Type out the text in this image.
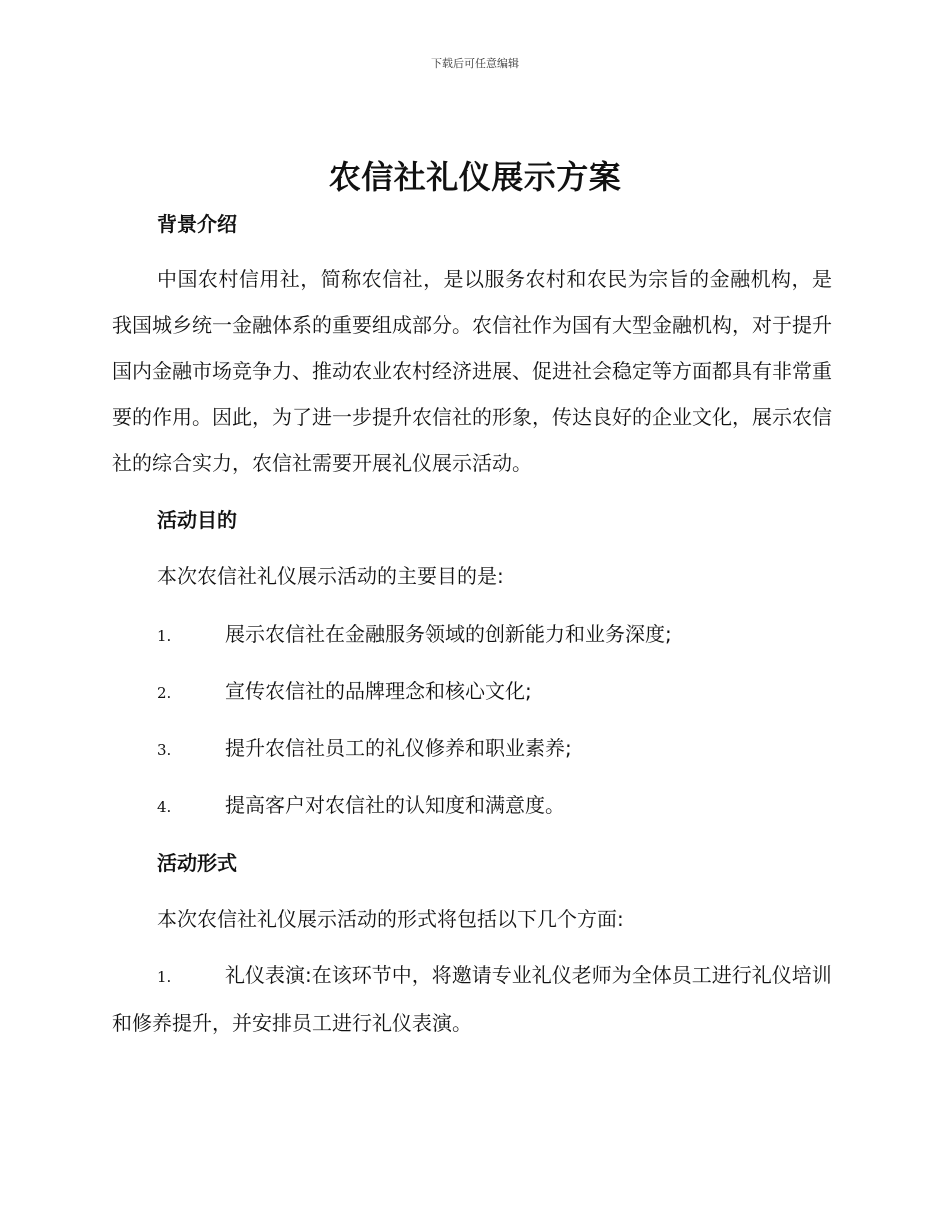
下载后可任意编辑
农信社礼仪展示方案
背景介绍
中国农村信用社，简称农信社，是以服务农村和农民为宗旨的金融机构，是我国城乡统一金融体系的重要组成部分。农信社作为国有大型金融机构，对于提升国内金融市场竞争力、推动农业农村经济进展、促进社会稳定等方面都具有非常重要的作用。因此，为了进一步提升农信社的形象，传达良好的企业文化，展示农信社的综合实力，农信社需要开展礼仪展示活动。
活动目的
本次农信社礼仪展示活动的主要目的是:
1.	展示农信社在金融服务领域的创新能力和业务深度;
2.	宣传农信社的品牌理念和核心文化;
3.	提升农信社员工的礼仪修养和职业素养;
4.	提高客户对农信社的认知度和满意度。
活动形式
本次农信社礼仪展示活动的形式将包括以下几个方面:
1.	礼仪表演:在该环节中，将邀请专业礼仪老师为全体员工进行礼仪培训和修养提升，并安排员工进行礼仪表演。
